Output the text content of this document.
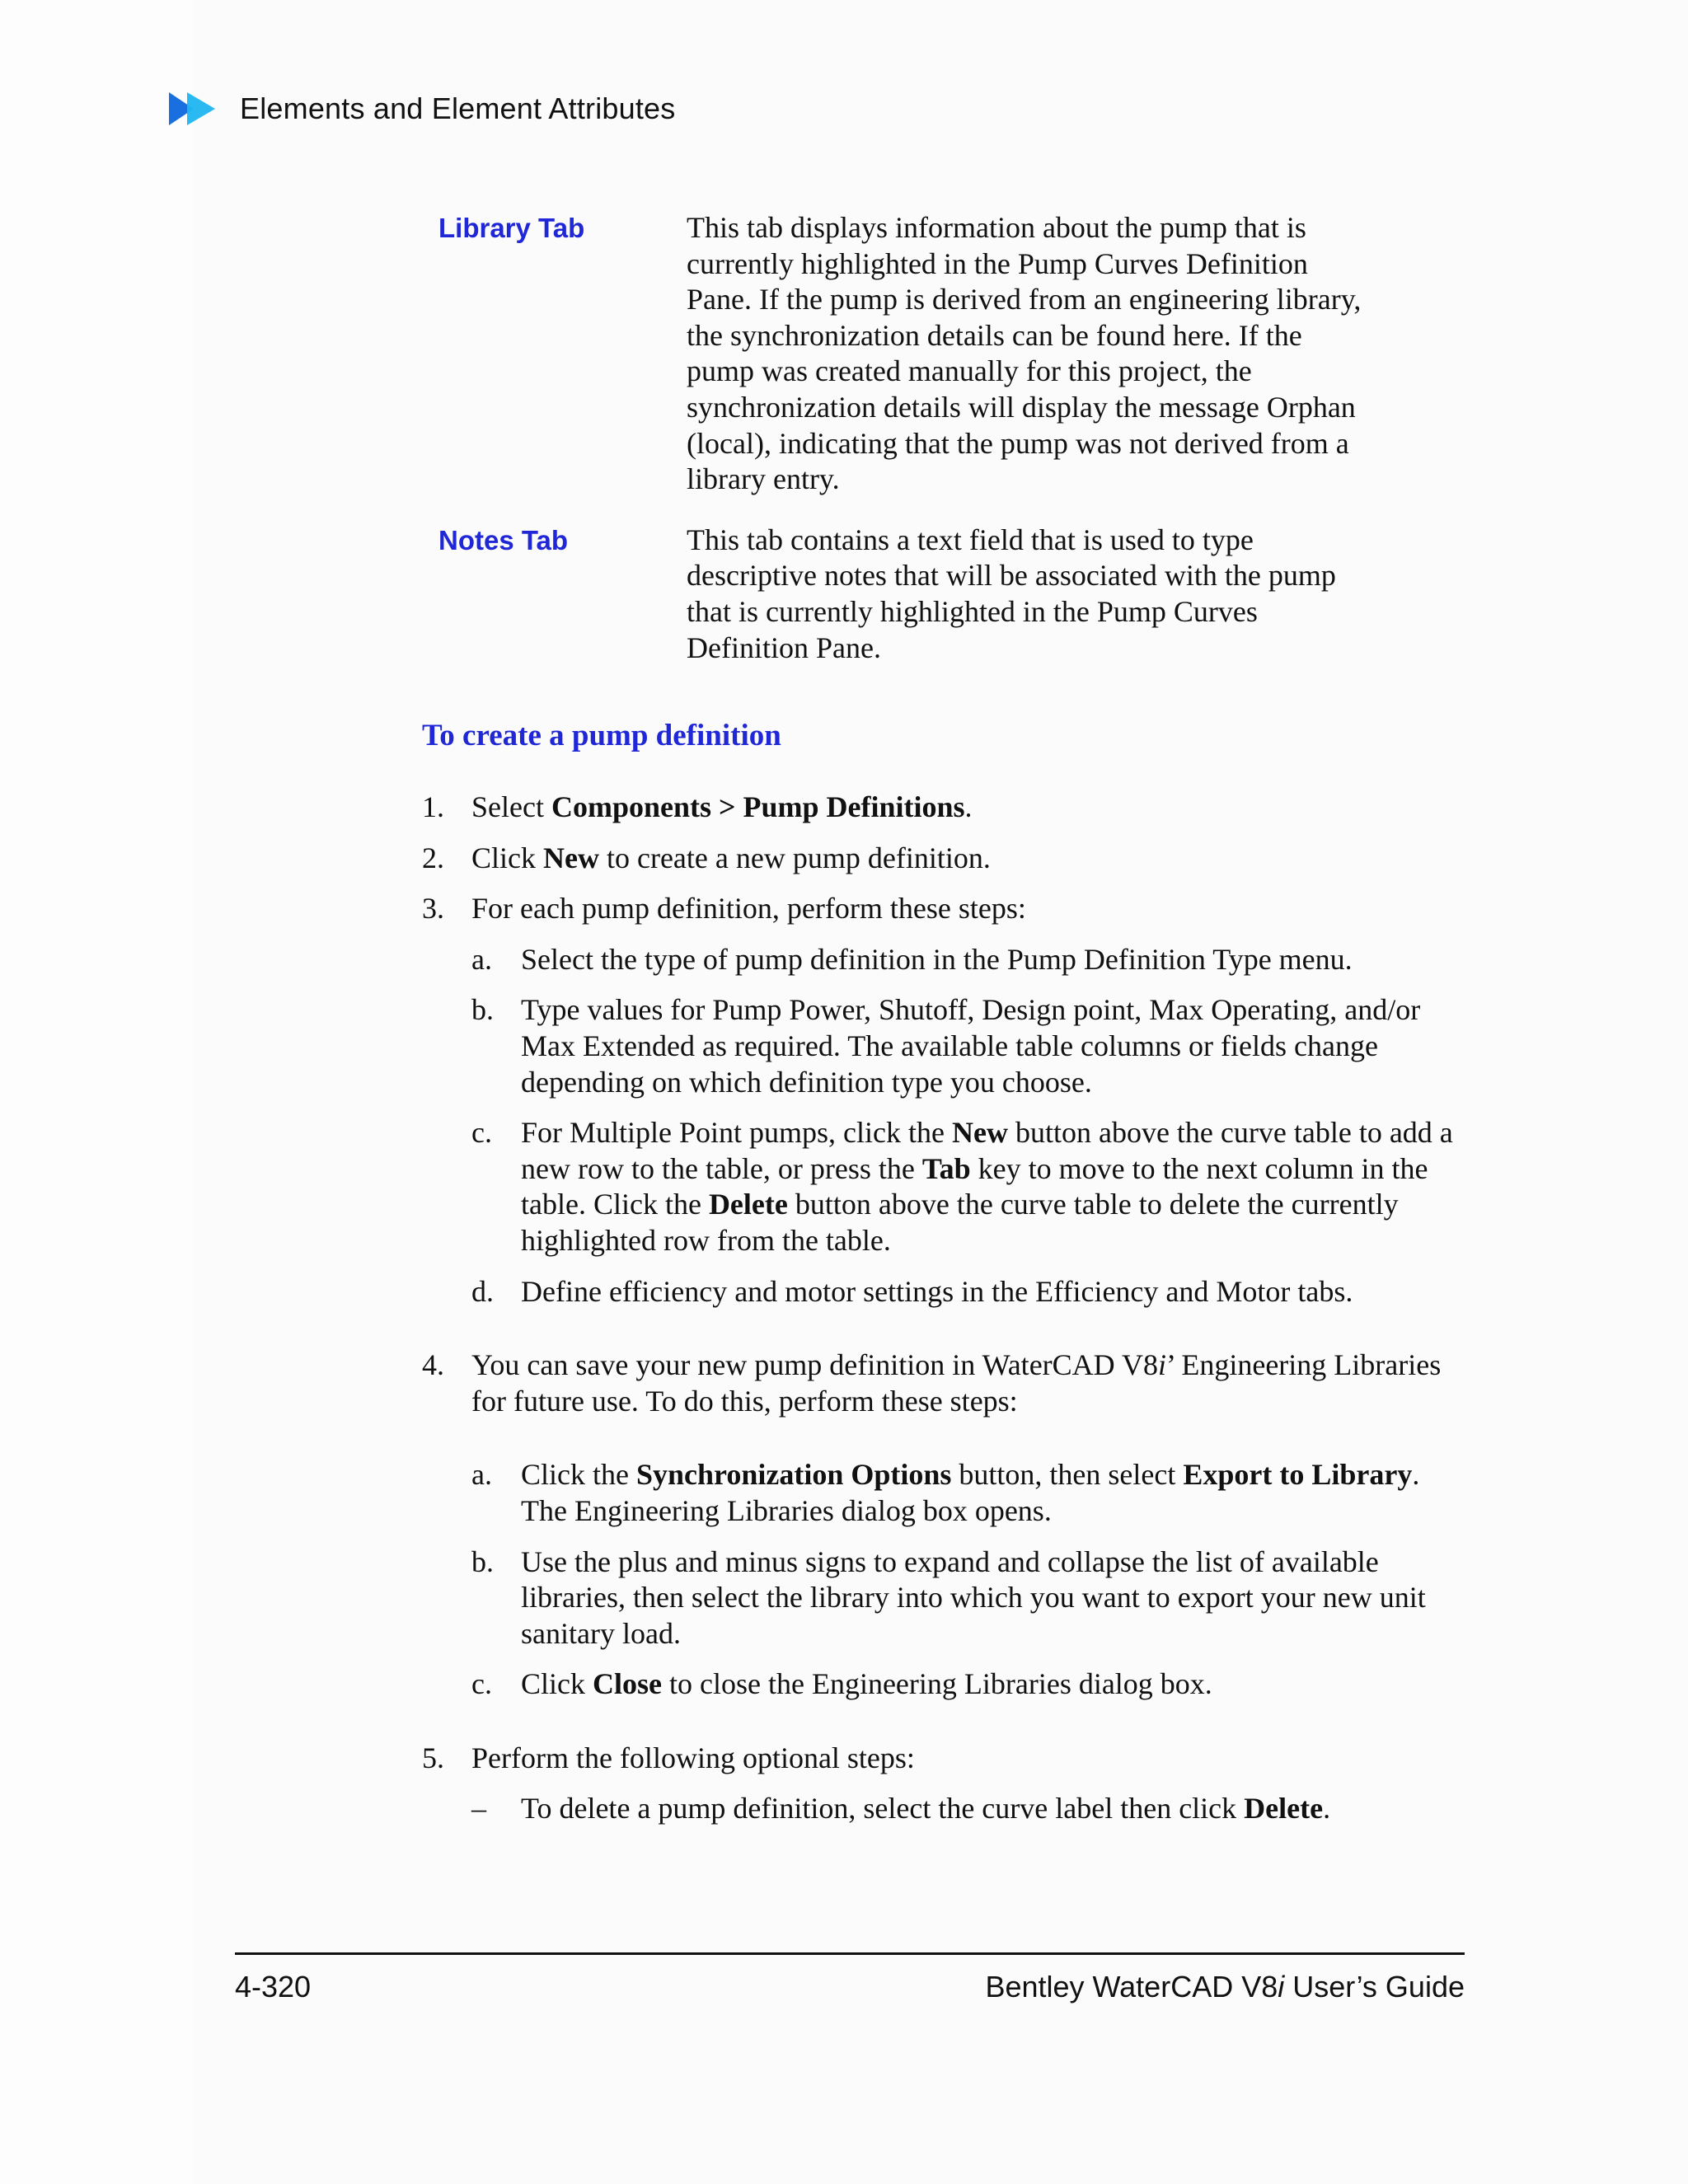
Elements and Element Attributes
Library Tab	This tab displays information about the pump that is currently highlighted in the Pump Curves Definition Pane. If the pump is derived from an engineering library, the synchronization details can be found here. If the pump was created manually for this project, the synchronization details will display the message Orphan (local), indicating that the pump was not derived from a library entry.
Notes Tab	This tab contains a text field that is used to type descriptive notes that will be associated with the pump that is currently highlighted in the Pump Curves Definition Pane.
To create a pump definition
1. Select Components > Pump Definitions.
2. Click New to create a new pump definition.
3. For each pump definition, perform these steps:
a. Select the type of pump definition in the Pump Definition Type menu.
b. Type values for Pump Power, Shutoff, Design point, Max Operating, and/or Max Extended as required. The available table columns or fields change depending on which definition type you choose.
c. For Multiple Point pumps, click the New button above the curve table to add a new row to the table, or press the Tab key to move to the next column in the table. Click the Delete button above the curve table to delete the currently highlighted row from the table.
d. Define efficiency and motor settings in the Efficiency and Motor tabs.
4. You can save your new pump definition in WaterCAD V8i’ Engineering Libraries for future use. To do this, perform these steps:
a. Click the Synchronization Options button, then select Export to Library. The Engineering Libraries dialog box opens.
b. Use the plus and minus signs to expand and collapse the list of available libraries, then select the library into which you want to export your new unit sanitary load.
c. Click Close to close the Engineering Libraries dialog box.
5. Perform the following optional steps:
–	To delete a pump definition, select the curve label then click Delete.
4-320	Bentley WaterCAD V8i User’s Guide
